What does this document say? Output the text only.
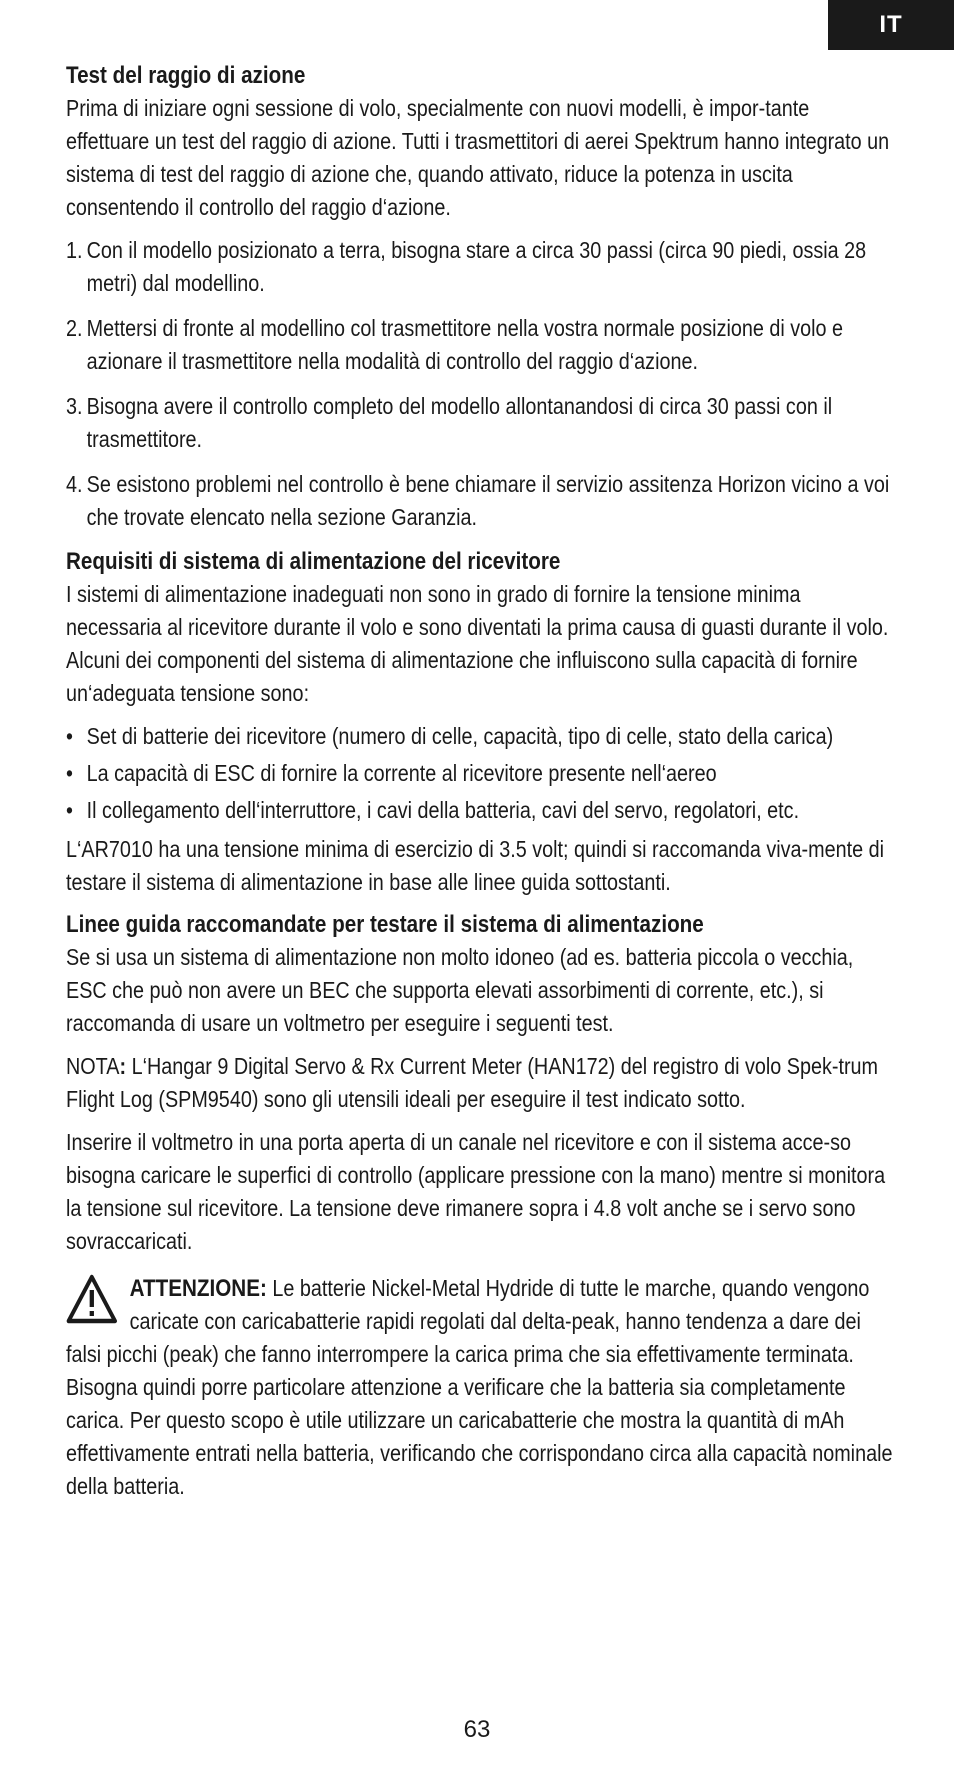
IT
Test del raggio di azione

Prima di iniziare ogni sessione di volo, specialmente con nuovi modelli, è impor-tante effettuare un test del raggio di azione. Tutti i trasmettitori di aerei Spektrum hanno integrato un sistema di test del raggio di azione che, quando attivato, riduce la potenza in uscita consentendo il controllo del raggio d‘azione.

1. Con il modello posizionato a terra, bisogna stare a circa 30 passi (circa 90 piedi, ossia 28 metri) dal modellino.
2. Mettersi di fronte al modellino col trasmettitore nella vostra normale posizione di volo e azionare il trasmettitore nella modalità di controllo del raggio d‘azione.
3. Bisogna avere il controllo completo del modello allontanandosi di circa 30 passi con il trasmettitore.
4. Se esistono problemi nel controllo è bene chiamare il servizio assitenza Horizon vicino a voi che trovate elencato nella sezione Garanzia.
Requisiti di sistema di alimentazione del ricevitore

I sistemi di alimentazione inadeguati non sono in grado di fornire la tensione minima necessaria al ricevitore durante il volo e sono diventati la prima causa di guasti durante il volo. Alcuni dei componenti del sistema di alimentazione che influiscono sulla capacità di fornire un‘adeguata tensione sono:

• Set di batterie dei ricevitore (numero di celle, capacità, tipo di celle, stato della carica)
• La capacità di ESC di fornire la corrente al ricevitore presente nell‘aereo
• Il collegamento dell‘interruttore, i cavi della batteria, cavi del servo, regolatori, etc.

L‘AR7010 ha una tensione minima di esercizio di 3.5 volt; quindi si raccomanda viva-mente di testare il sistema di alimentazione in base alle linee guida sottostanti.

Linee guida raccomandate per testare il sistema di alimentazione

Se si usa un sistema di alimentazione non molto idoneo (ad es. batteria piccola o vecchia, ESC che può non avere un BEC che supporta elevati assorbimenti di corrente, etc.), si raccomanda di usare un voltmetro per eseguire i seguenti test.

NOTA: L‘Hangar 9 Digital Servo & Rx Current Meter (HAN172) del registro di volo Spek-trum Flight Log (SPM9540) sono gli utensili ideali per eseguire il test indicato sotto.

Inserire il voltmetro in una porta aperta di un canale nel ricevitore e con il sistema acce-so bisogna caricare le superfici di controllo (applicare pressione con la mano) mentre si monitora la tensione sul ricevitore. La tensione deve rimanere sopra i 4.8 volt anche se i servo sono sovraccaricati.

ATTENZIONE: Le batterie Nickel-Metal Hydride di tutte le marche, quando vengono caricate con caricabatterie rapidi regolati dal delta-peak, hanno tendenza a dare dei falsi picchi (peak) che fanno interrompere la carica prima che sia effettivamente terminata. Bisogna quindi porre particolare attenzione a verificare che la batteria sia completamente carica. Per questo scopo è utile utilizzare un caricabatterie che mostra la quantità di mAh effettivamente entrati nella batteria, verificando che corrispondano circa alla capacità nominale della batteria.
63
